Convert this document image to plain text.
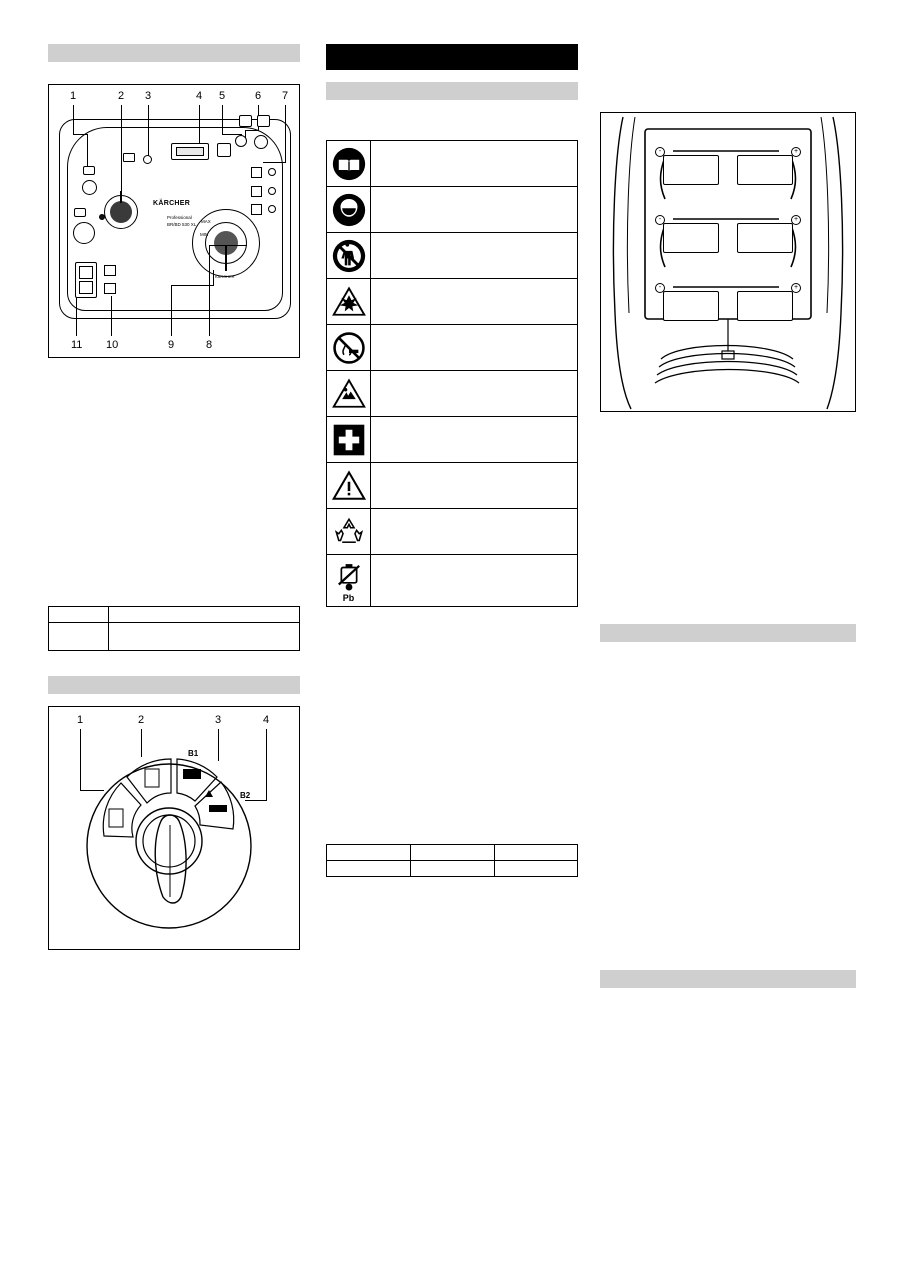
1	2 3	4 5	6 7
KÄRCHER
Professional
BR/BD 530 XL
MAX
MIN
KÄRCHER
11 10	9	8

1	2	3	4
B1
B2

Pb	

-	+
-	+
-	+
